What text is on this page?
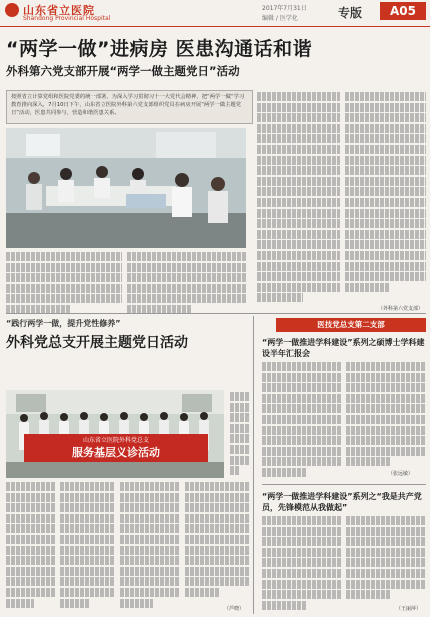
山东省立医院
Shandong Provincial Hospital
2017年7月31日
编辑 / 医学化	专版	A05
“两学一做”进病房 医患沟通话和谐
外科第六党支部开展“两学一做主题党日”活动
按照省立计算党组和医院党委的统一部署，为深入学习贯彻习十一大党代会精神，把“两学一做”学习教育推向深入，7月10日下午，山东省立医院外科第六党支部组织党员在病房开展“两学一做主题党日”活动，医患共同参与，营造和谐医患关系。
（外科第六党支部）
“践行两学一做，提升党性修养”
外科党总支开展主题党日活动
山东省立医院外科党总支
服务基层义诊活动
（芦晓）
医技党总支第二支部
“两学一做推进学科建设”系列之硕博士学科建设半年汇报会
（张远敏）
“两学一做推进学科建设”系列之“我是共产党员，先锋模范从我做起”
（王丽萍）
